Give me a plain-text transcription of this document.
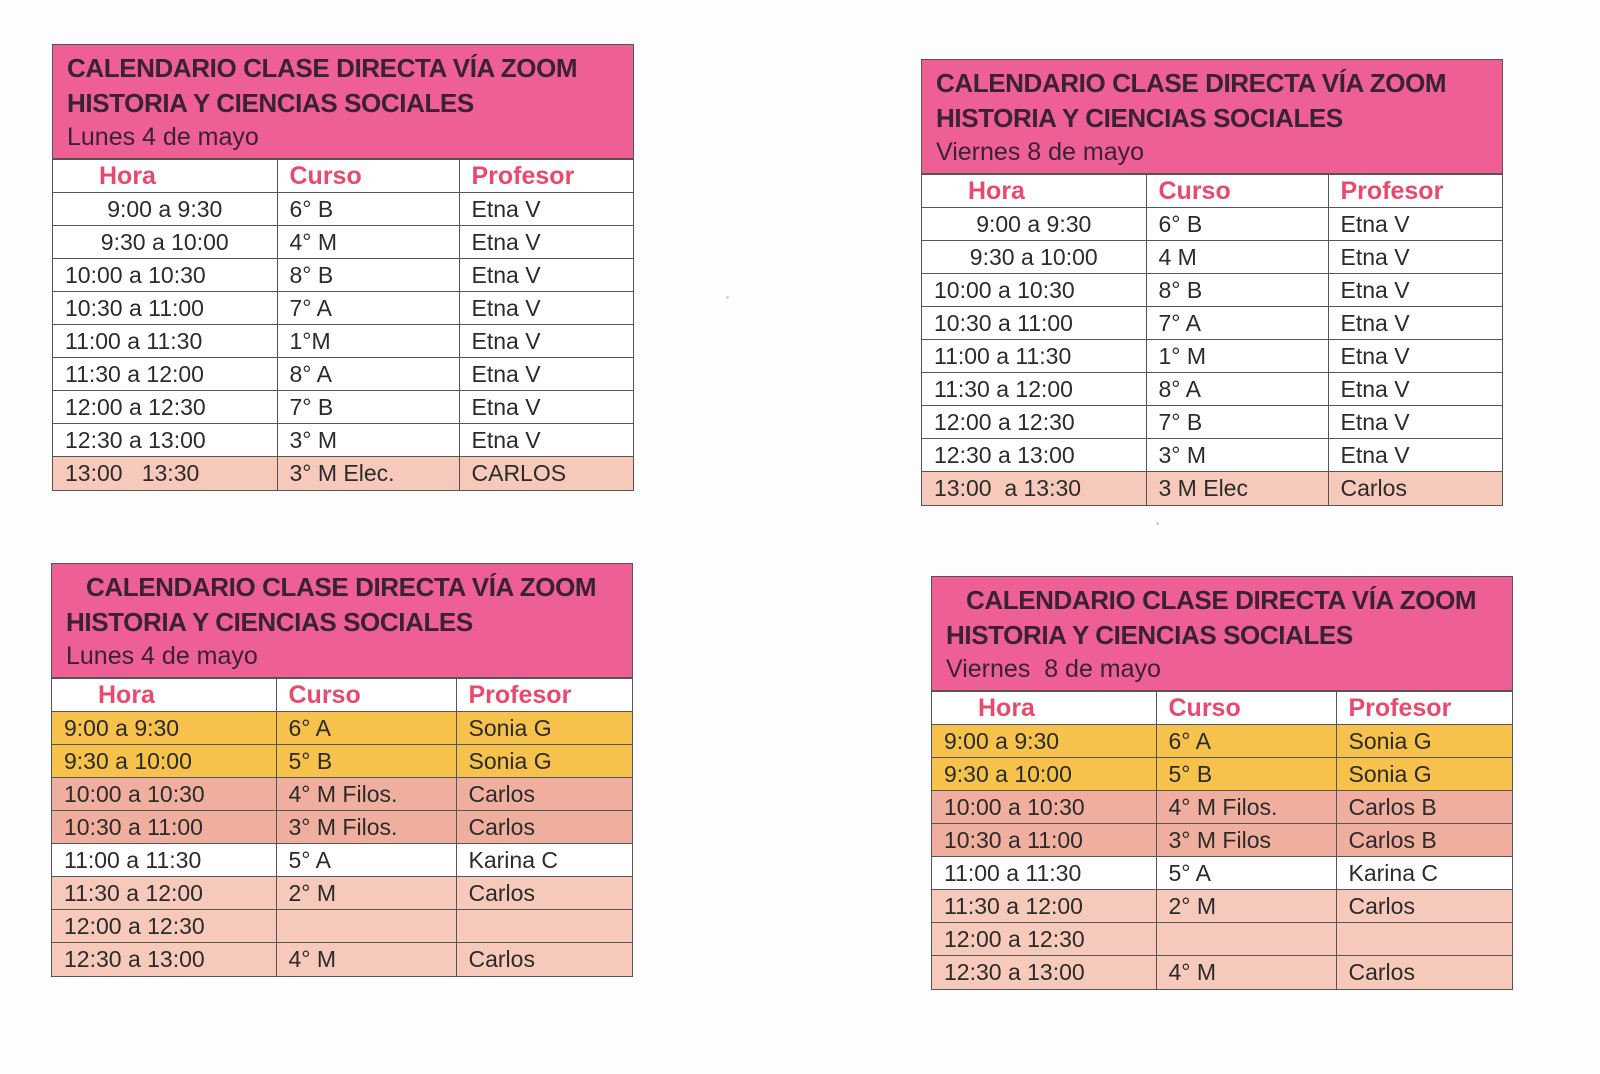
CALENDARIO CLASE DIRECTA VÍA ZOOM
HISTORIA Y CIENCIAS SOCIALES
Lunes 4 de mayo
Hora	Curso	Profesor
9:00 a 9:30	6° B	Etna V
9:30 a 10:00	4° M	Etna V
10:00 a 10:30	8° B	Etna V
10:30 a 11:00	7° A	Etna V
11:00 a 11:30	1°M	Etna V
11:30 a 12:00	8° A	Etna V
12:00 a 12:30	7° B	Etna V
12:30 a 13:00	3° M	Etna V
13:00   13:30	3° M Elec.	CARLOS
CALENDARIO CLASE DIRECTA VÍA ZOOM
HISTORIA Y CIENCIAS SOCIALES
Viernes 8 de mayo
Hora	Curso	Profesor
9:00 a 9:30	6° B	Etna V
9:30 a 10:00	4 M	Etna V
10:00 a 10:30	8° B	Etna V
10:30 a 11:00	7° A	Etna V
11:00 a 11:30	1° M	Etna V
11:30 a 12:00	8° A	Etna V
12:00 a 12:30	7° B	Etna V
12:30 a 13:00	3° M	Etna V
13:00  a 13:30	3 M Elec	Carlos
CALENDARIO CLASE DIRECTA VÍA ZOOM
HISTORIA Y CIENCIAS SOCIALES
Lunes 4 de mayo
Hora	Curso	Profesor
9:00 a 9:30	6° A	Sonia G
9:30 a 10:00	5° B	Sonia G
10:00 a 10:30	4° M Filos.	Carlos
10:30 a 11:00	3° M Filos.	Carlos
11:00 a 11:30	5° A	Karina C
11:30 a 12:00	2° M	Carlos
12:00 a 12:30		
12:30 a 13:00	4° M	Carlos
CALENDARIO CLASE DIRECTA VÍA ZOOM
HISTORIA Y CIENCIAS SOCIALES
Viernes  8 de mayo
Hora	Curso	Profesor
9:00 a 9:30	6° A	Sonia G
9:30 a 10:00	5° B	Sonia G
10:00 a 10:30	4° M Filos.	Carlos B
10:30 a 11:00	3° M Filos	Carlos B
11:00 a 11:30	5° A	Karina C
11:30 a 12:00	2° M	Carlos
12:00 a 12:30		
12:30 a 13:00	4° M	Carlos
